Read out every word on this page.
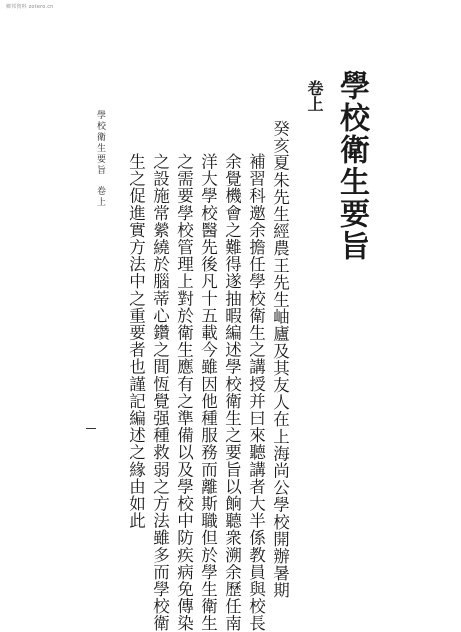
鄉邦資料 zotero.cn
學校衛生要旨
卷上
癸亥夏朱先生經農王先生岫廬及其友人在上海尚公學校開辦暑期
補習科邀余擔任學校衛生之講授并曰來聽講者大半係教員與校長
余覺機會之難得遂抽暇編述學校衛生之要旨以餉聽衆溯余歷任南
洋大學校醫先後凡十五載今雖因他種服務而離斯職但於學生衛生
之需要學校管理上對於衛生應有之準備以及學校中防疾病免傳染
之設施常縈繞於腦蒂心鑽之間恆覺强種救弱之方法雖多而學校衛
生之促進實方法中之重要者也謹記編述之緣由如此
學校衛生要旨
卷上
